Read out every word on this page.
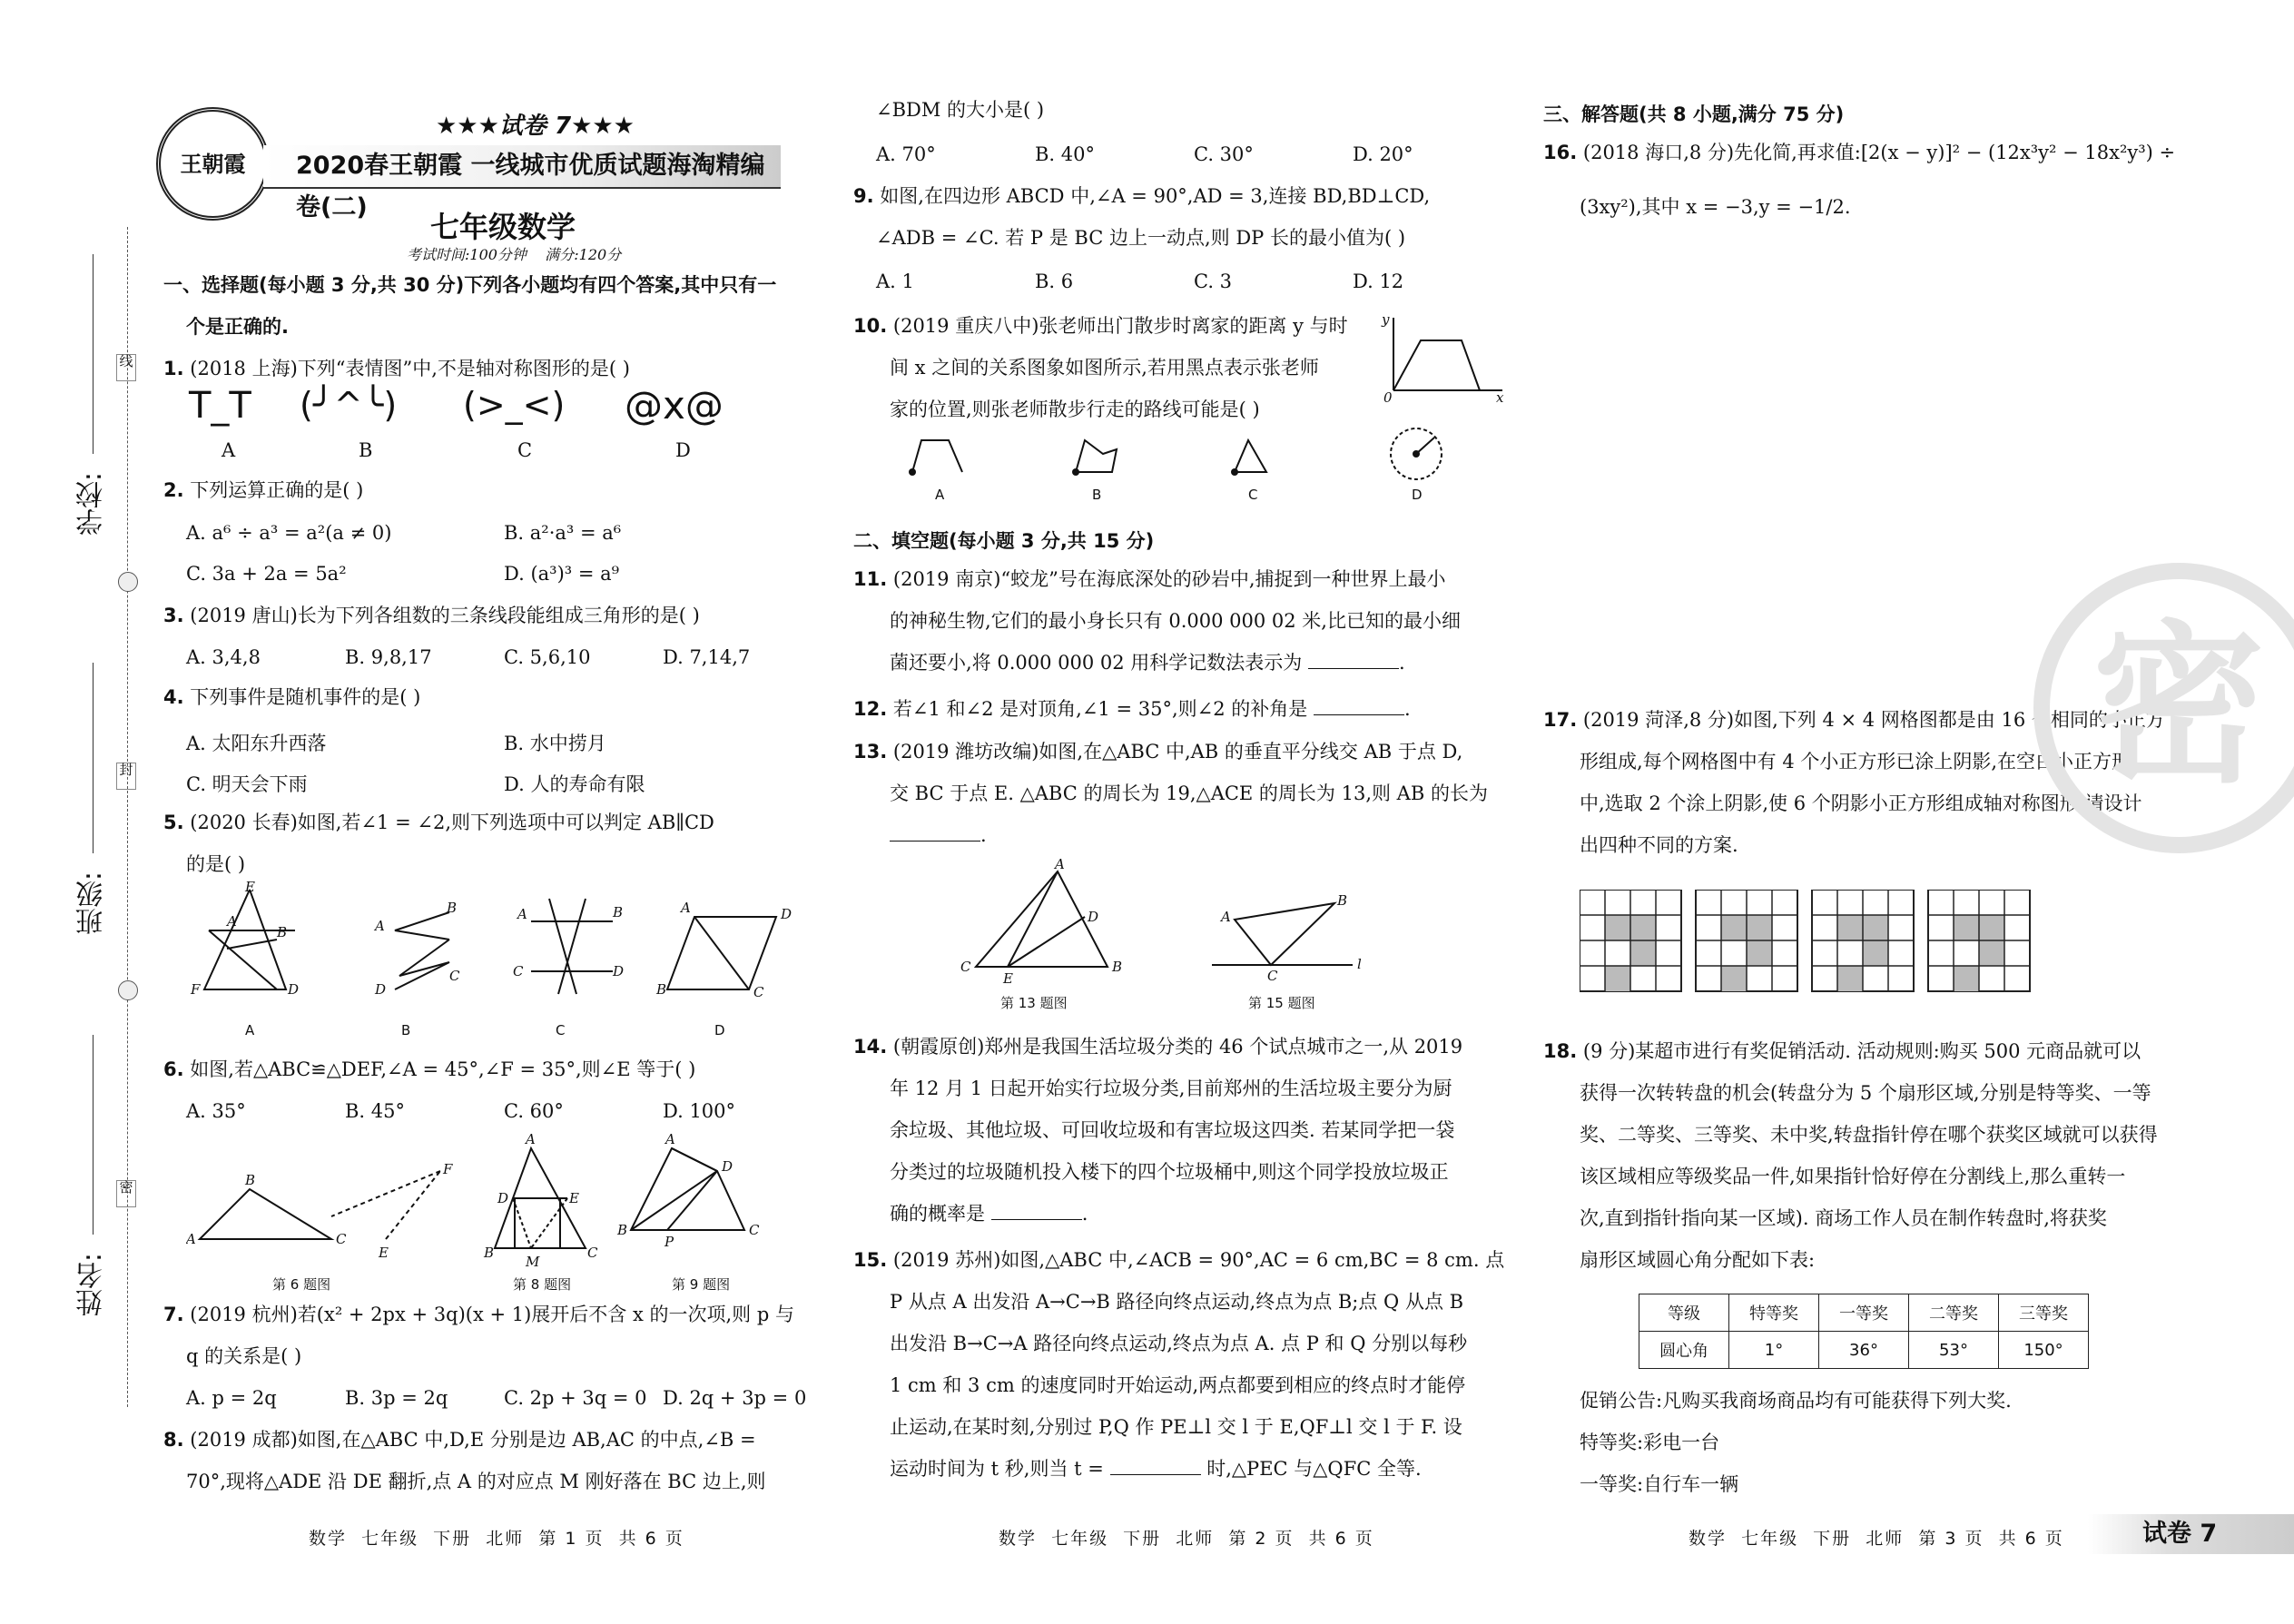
学校:
班级:
姓名:
线
封
密
王朝霞
★★★试卷 7★★★
2020春王朝霞 一线城市优质试题海淘精编卷(二)
七年级数学
考试时间:100分钟    满分:120分
一、选择题(每小题 3 分,共 30 分)下列各小题均有四个答案,其中只有一
个是正确的.
1. (2018 上海)下列“表情图”中,不是轴对称图形的是( )
T_T (╯^╰) (>_<) @x@
A	B	C	D
2. 下列运算正确的是( )
A. a⁶ ÷ a³ = a²(a ≠ 0)	B. a²·a³ = a⁶
C. 3a + 2a = 5a²	D. (a³)³ = a⁹
3. (2019 唐山)长为下列各组数的三条线段能组成三角形的是( )
A. 3,4,8	B. 9,8,17	C. 5,6,10	D. 7,14,7
4. 下列事件是随机事件的是( )
A. 太阳东升西落	B. 水中捞月
C. 明天会下雨	D. 人的寿命有限
5. (2020 长春)如图,若∠1 = ∠2,则下列选项中可以判定 AB∥CD
的是( )
E
A
B
F	D
A
B
C
D
A	B
C	D
A	D
B	C
A	B	C	D
6. 如图,若△ABC≌△DEF,∠A = 45°,∠F = 35°,则∠E 等于( )
A. 35°	B. 45°	C. 60°	D. 100°
A
B
C
F
E
A
D	E
B	C
M
A
D
B	C
P
第 6 题图	第 8 题图	第 9 题图
7. (2019 杭州)若(x² + 2px + 3q)(x + 1)展开后不含 x 的一次项,则 p 与
q 的关系是( )
A. p = 2q	B. 3p = 2q	C. 2p + 3q = 0 D. 2q + 3p = 0
8. (2019 成都)如图,在△ABC 中,D,E 分别是边 AB,AC 的中点,∠B =
70°,现将△ADE 沿 DE 翻折,点 A 的对应点 M 刚好落在 BC 边上,则
数学  七年级  下册  北师  第 1 页  共 6 页
∠BDM 的大小是( )
A. 70°	B. 40°	C. 30°	D. 20°
9. 如图,在四边形 ABCD 中,∠A = 90°,AD = 3,连接 BD,BD⊥CD,
∠ADB = ∠C. 若 P 是 BC 边上一动点,则 DP 长的最小值为( )
A. 1	B. 6	C. 3	D. 12
10. (2019 重庆八中)张老师出门散步时离家的距离 y 与时
间 x 之间的关系图象如图所示,若用黑点表示张老师
家的位置,则张老师散步行走的路线可能是( )
y
x
0
A	B	C	D
二、填空题(每小题 3 分,共 15 分)
11. (2019 南京)“蛟龙”号在海底深处的砂岩中,捕捉到一种世界上最小
的神秘生物,它们的最小身长只有 0.000 000 02 米,比已知的最小细
菌还要小,将 0.000 000 02 用科学记数法表示为	.
12. 若∠1 和∠2 是对顶角,∠1 = 35°,则∠2 的补角是	.
13. (2019 潍坊改编)如图,在△ABC 中,AB 的垂直平分线交 AB 于点 D,
交 BC 于点 E. △ABC 的周长为 19,△ACE 的周长为 13,则 AB 的长为
.
A
D
C
E
B
A
B
C
l
第 13 题图	第 15 题图
14. (朝霞原创)郑州是我国生活垃圾分类的 46 个试点城市之一,从 2019
年 12 月 1 日起开始实行垃圾分类,目前郑州的生活垃圾主要分为厨
余垃圾、其他垃圾、可回收垃圾和有害垃圾这四类. 若某同学把一袋
分类过的垃圾随机投入楼下的四个垃圾桶中,则这个同学投放垃圾正
确的概率是	.
15. (2019 苏州)如图,△ABC 中,∠ACB = 90°,AC = 6 cm,BC = 8 cm. 点
P 从点 A 出发沿 A→C→B 路径向终点运动,终点为点 B;点 Q 从点 B
出发沿 B→C→A 路径向终点运动,终点为点 A. 点 P 和 Q 分别以每秒
1 cm 和 3 cm 的速度同时开始运动,两点都要到相应的终点时才能停
止运动,在某时刻,分别过 P,Q 作 PE⊥l 交 l 于 E,QF⊥l 交 l 于 F. 设
运动时间为 t 秒,则当 t =	时,△PEC 与△QFC 全等.
数学  七年级  下册  北师  第 2 页  共 6 页
三、解答题(共 8 小题,满分 75 分)
16. (2018 海口,8 分)先化简,再求值:[2(x − y)]² − (12x³y² − 18x²y³) ÷
(3xy²),其中 x = −3,y = −1/2.
17. (2019 菏泽,8 分)如图,下列 4 × 4 网格图都是由 16 个相同的小正方
形组成,每个网格图中有 4 个小正方形已涂上阴影,在空白小正方形
中,选取 2 个涂上阴影,使 6 个阴影小正方形组成轴对称图形,请设计
出四种不同的方案.
18. (9 分)某超市进行有奖促销活动. 活动规则:购买 500 元商品就可以
获得一次转转盘的机会(转盘分为 5 个扇形区域,分别是特等奖、一等
奖、二等奖、三等奖、未中奖,转盘指针停在哪个获奖区域就可以获得
该区域相应等级奖品一件,如果指针恰好停在分割线上,那么重转一
次,直到指针指向某一区域). 商场工作人员在制作转盘时,将获奖
扇形区域圆心角分配如下表:
等级	特等奖	一等奖	二等奖	三等奖
圆心角	1°	36°	53°	150°
促销公告:凡购买我商场商品均有可能获得下列大奖.
特等奖:彩电一台
一等奖:自行车一辆
数学  七年级  下册  北师  第 3 页  共 6 页	试卷 7
密
